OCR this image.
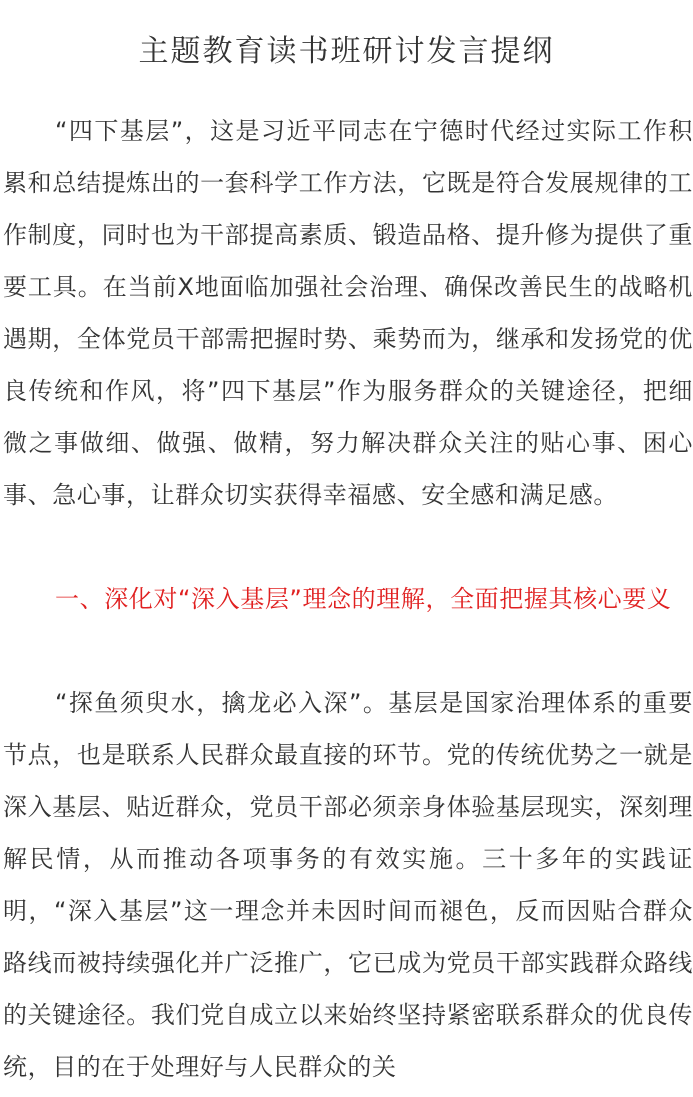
主题教育读书班研讨发言提纲

“四下基层”，这是习近平同志在宁德时代经过实际工作积累和总结提炼出的一套科学工作方法，它既是符合发展规律的工作制度，同时也为干部提高素质、锻造品格、提升修为提供了重要工具。在当前X地面临加强社会治理、确保改善民生的战略机遇期，全体党员干部需把握时势、乘势而为，继承和发扬党的优良传统和作风，将”四下基层”作为服务群众的关键途径，把细微之事做细、做强、做精，努力解决群众关注的贴心事、困心事、急心事，让群众切实获得幸福感、安全感和满足感。

一、深化对“深入基层”理念的理解，全面把握其核心要义

“探鱼须臾水，擒龙必入深”。基层是国家治理体系的重要节点，也是联系人民群众最直接的环节。党的传统优势之一就是深入基层、贴近群众，党员干部必须亲身体验基层现实，深刻理解民情，从而推动各项事务的有效实施。三十多年的实践证明，“深入基层”这一理念并未因时间而褪色，反而因贴合群众路线而被持续强化并广泛推广，它已成为党员干部实践群众路线的关键途径。我们党自成立以来始终坚持紧密联系群众的优良传统，目的在于处理好与人民群众的关
